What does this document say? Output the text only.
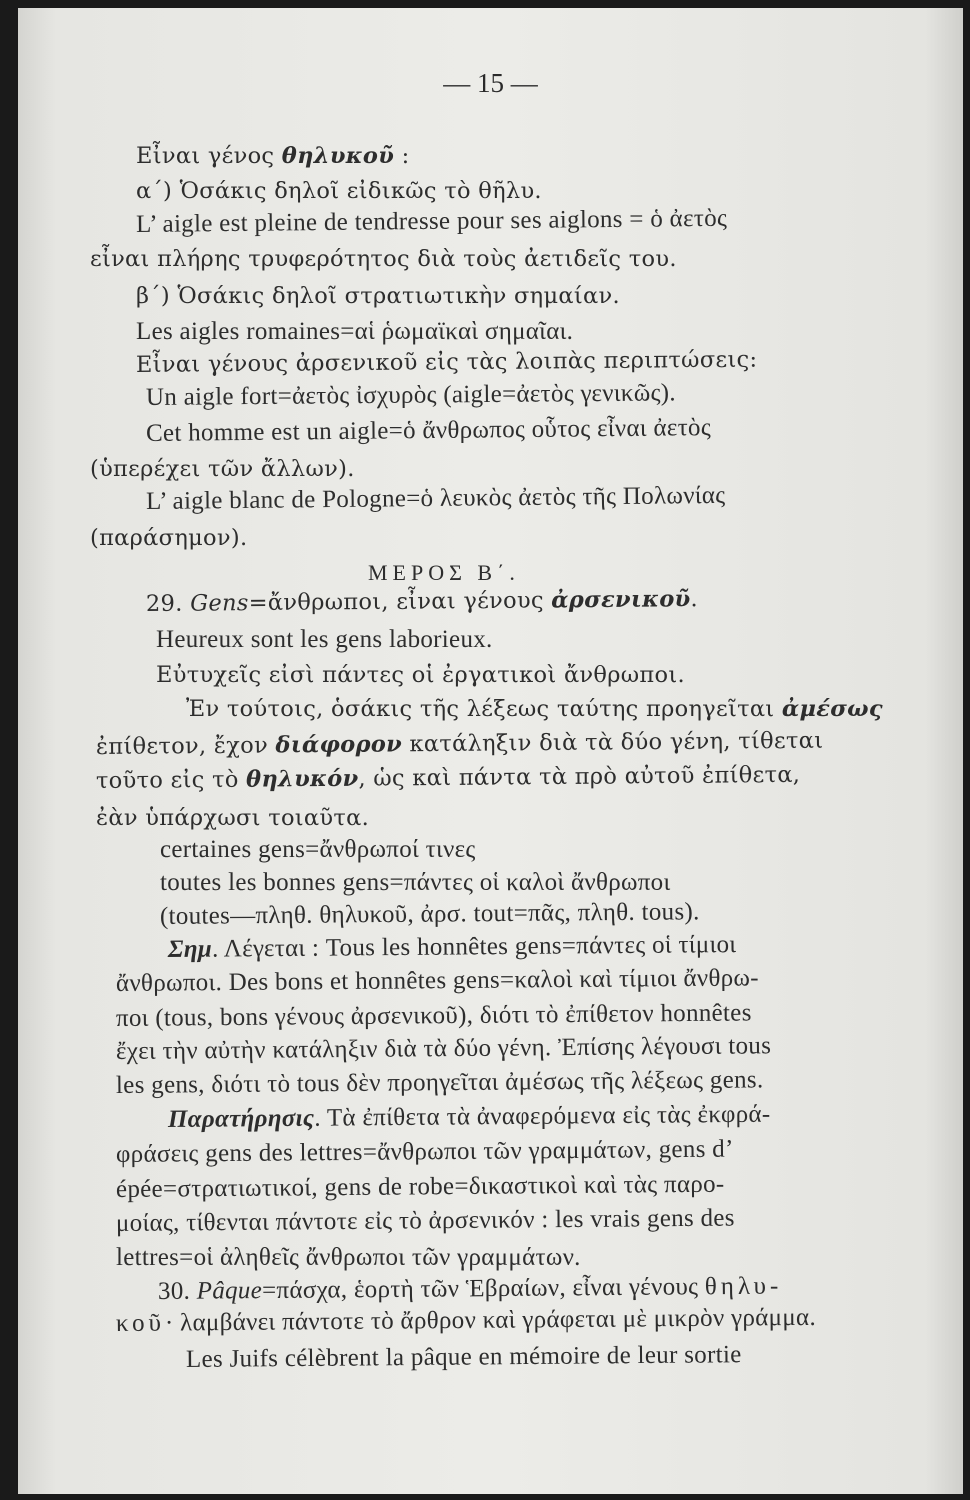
— 15 —
Εἶναι γένος θηλυκοῦ :
α΄) Ὁσάκις δηλοῖ εἰδικῶς τὸ θῆλυ.
L’ aigle est pleine de tendresse pour ses aiglons = ὁ ἀετὸς
εἶναι πλήρης τρυφερότητος διὰ τοὺς ἀετιδεῖς του.
β΄) Ὁσάκις δηλοῖ στρατιωτικὴν σημαίαν.
Les aigles romaines=αἱ ῥωμαϊκαὶ σημαῖαι.
Εἶναι γένους ἀρσενικοῦ εἰς τὰς λοιπὰς περιπτώσεις:
Un aigle fort=ἀετὸς ἰσχυρὸς (aigle=ἀετὸς γενικῶς).
Cet homme est un aigle=ὁ ἄνθρωπος οὗτος εἶναι ἀετὸς
(ὑπερέχει τῶν ἄλλων).
L’ aigle blanc de Pologne=ὁ λευκὸς ἀετὸς τῆς Πολωνίας
(παράσημον).
ΜΕΡΟΣ Β΄.
29. Gens=ἄνθρωποι, εἶναι γένους ἀρσενικοῦ.
Heureux sont les gens laborieux.
Εὐτυχεῖς εἰσὶ πάντες οἱ ἐργατικοὶ ἄνθρωποι.
Ἐν τούτοις, ὁσάκις τῆς λέξεως ταύτης προηγεῖται ἀμέσως
ἐπίθετον, ἔχον διάφορον κατάληξιν διὰ τὰ δύο γένη, τίθεται
τοῦτο εἰς τὸ θηλυκόν, ὡς καὶ πάντα τὰ πρὸ αὐτοῦ ἐπίθετα,
ἐὰν ὑπάρχωσι τοιαῦτα.
certaines gens=ἄνθρωποί τινες
toutes les bonnes gens=πάντες οἱ καλοὶ ἄνθρωποι
(toutes—πληθ. θηλυκοῦ, ἀρσ. tout=πᾶς, πληθ. tous).
Σημ. Λέγεται : Tous les honnêtes gens=πάντες οἱ τίμιοι
ἄνθρωποι. Des bons et honnêtes gens=καλοὶ καὶ τίμιοι ἄνθρω-
ποι (tous, bons γένους ἀρσενικοῦ), διότι τὸ ἐπίθετον honnêtes
ἔχει τὴν αὐτὴν κατάληξιν διὰ τὰ δύο γένη. Ἐπίσης λέγουσι tous
les gens, διότι τὸ tous δὲν προηγεῖται ἀμέσως τῆς λέξεως gens.
Παρατήρησις. Τὰ ἐπίθετα τὰ ἀναφερόμενα εἰς τὰς ἐκφρά-
φράσεις gens des lettres=ἄνθρωποι τῶν γραμμάτων, gens d’
épée=στρατιωτικοί, gens de robe=δικαστικοὶ καὶ τὰς παρο-
μοίας, τίθενται πάντοτε εἰς τὸ ἀρσενικόν : les vrais gens des
lettres=οἱ ἀληθεῖς ἄνθρωποι τῶν γραμμάτων.
30. Pâque=πάσχα, ἑορτὴ τῶν Ἑβραίων, εἶναι γένους θηλυ-
κοῦ· λαμβάνει πάντοτε τὸ ἄρθρον καὶ γράφεται μὲ μικρὸν γράμμα.
Les Juifs célèbrent la pâque en mémoire de leur sortie
